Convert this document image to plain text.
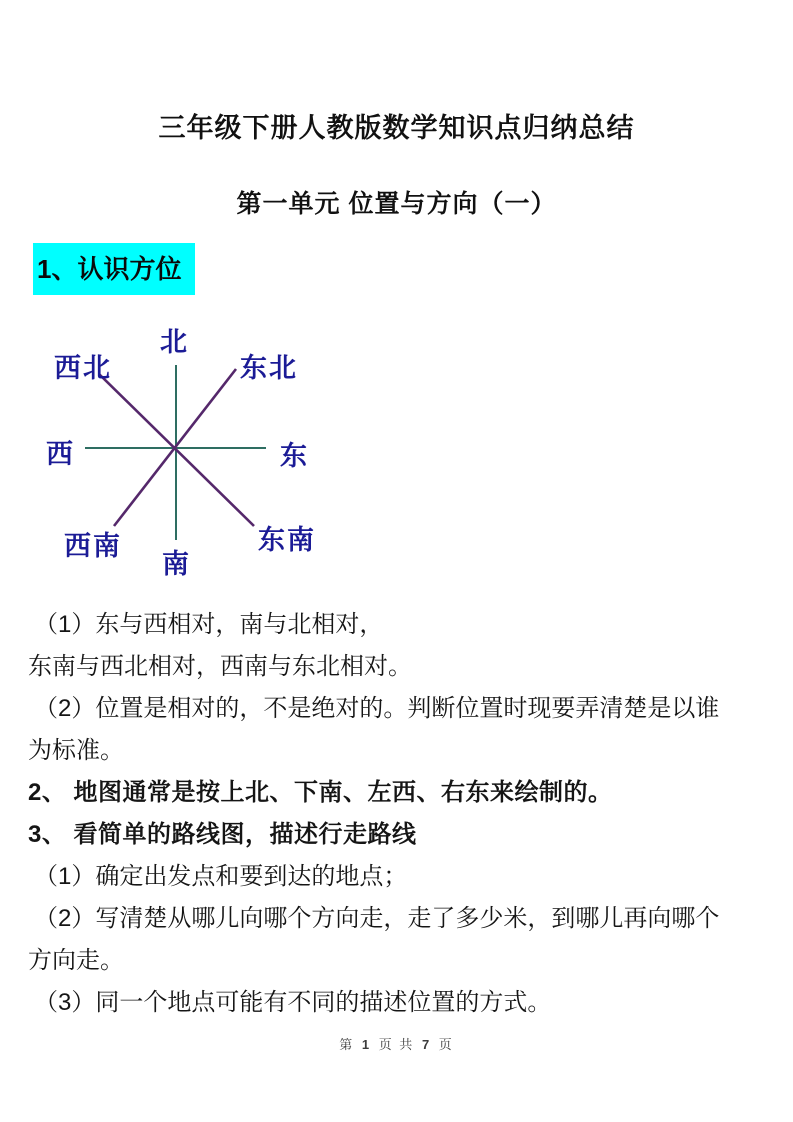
三年级下册人教版数学知识点归纳总结
第一单元 位置与方向（一）
1、认识方位
北
西北	东北
西	东
西南
南
东南
（1）东与西相对，南与北相对，
东南与西北相对，西南与东北相对。
（2）位置是相对的，不是绝对的。判断位置时现要弄清楚是以谁
为标准。
2、 地图通常是按上北、下南、左西、右东来绘制的。
3、 看简单的路线图，描述行走路线
（1）确定出发点和要到达的地点；
（2）写清楚从哪儿向哪个方向走，走了多少米，到哪儿再向哪个
方向走。
（3）同一个地点可能有不同的描述位置的方式。
第 1 页 共 7 页
